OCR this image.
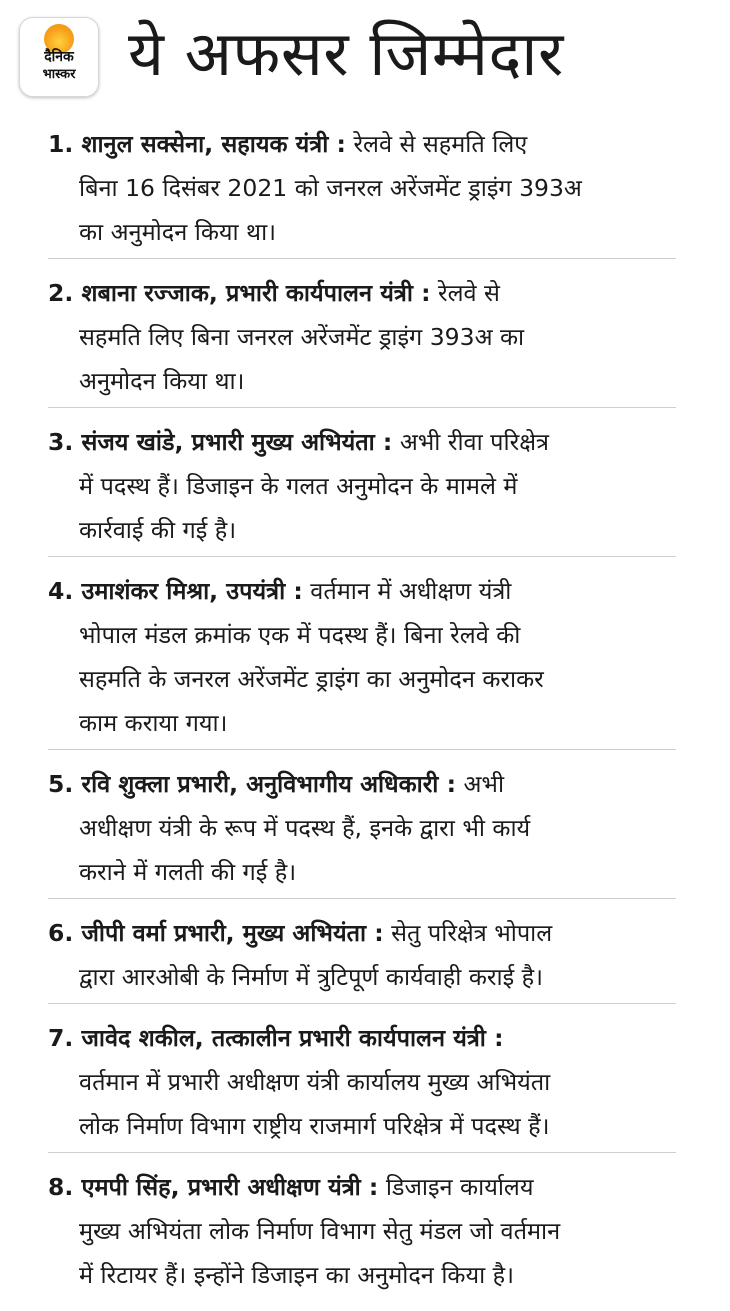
दैनिक
भास्कर ये अफसर जिम्मेदार
1. शानुल सक्सेना, सहायक यंत्री : रेलवे से सहमति लिए
बिना 16 दिसंबर 2021 को जनरल अरेंजमेंट ड्राइंग 393अ
का अनुमोदन किया था।
2. शबाना रज्जाक, प्रभारी कार्यपालन यंत्री : रेलवे से
सहमति लिए बिना जनरल अरेंजमेंट ड्राइंग 393अ का
अनुमोदन किया था।
3. संजय खांडे, प्रभारी मुख्य अभियंता : अभी रीवा परिक्षेत्र
में पदस्थ हैं। डिजाइन के गलत अनुमोदन के मामले में
कार्रवाई की गई है।
4. उमाशंकर मिश्रा, उपयंत्री : वर्तमान में अधीक्षण यंत्री
भोपाल मंडल क्रमांक एक में पदस्थ हैं। बिना रेलवे की
सहमति के जनरल अरेंजमेंट ड्राइंग का अनुमोदन कराकर
काम कराया गया।
5. रवि शुक्ला प्रभारी, अनुविभागीय अधिकारी : अभी
अधीक्षण यंत्री के रूप में पदस्थ हैं, इनके द्वारा भी कार्य
कराने में गलती की गई है।
6. जीपी वर्मा प्रभारी, मुख्य अभियंता : सेतु परिक्षेत्र भोपाल
द्वारा आरओबी के निर्माण में त्रुटिपूर्ण कार्यवाही कराई है।
7. जावेद शकील, तत्कालीन प्रभारी कार्यपालन यंत्री :
वर्तमान में प्रभारी अधीक्षण यंत्री कार्यालय मुख्य अभियंता
लोक निर्माण विभाग राष्ट्रीय राजमार्ग परिक्षेत्र में पदस्थ हैं।
8. एमपी सिंह, प्रभारी अधीक्षण यंत्री : डिजाइन कार्यालय
मुख्य अभियंता लोक निर्माण विभाग सेतु मंडल जो वर्तमान
में रिटायर हैं। इन्होंने डिजाइन का अनुमोदन किया है।
